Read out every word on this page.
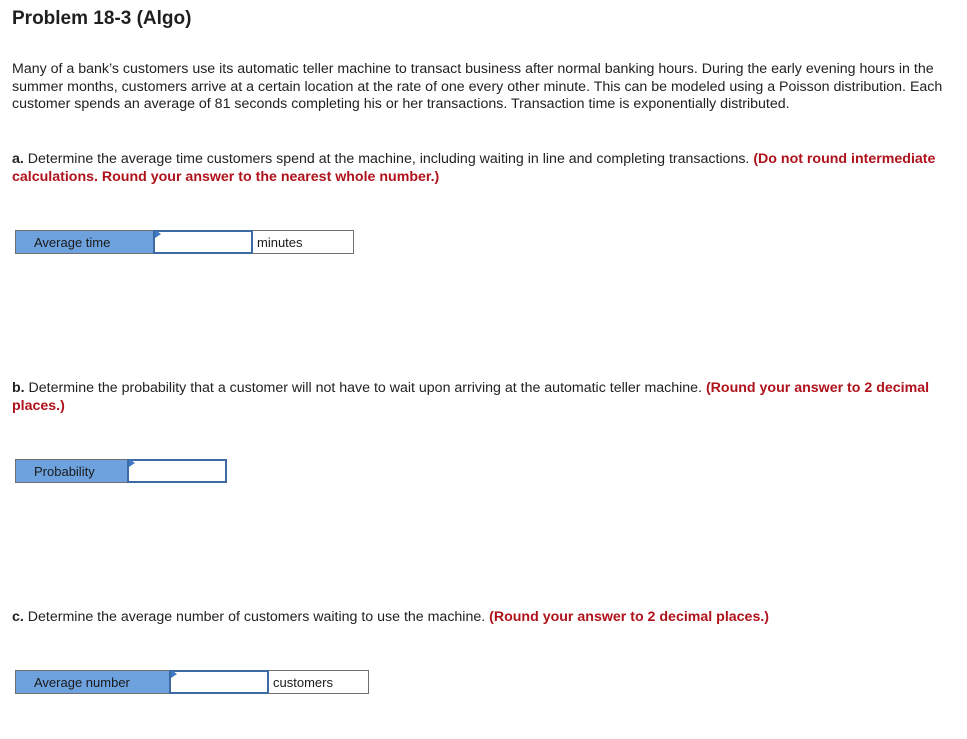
Problem 18-3 (Algo)

Many of a bank’s customers use its automatic teller machine to transact business after normal banking hours. During the early evening hours in the summer months, customers arrive at a certain location at the rate of one every other minute. This can be modeled using a Poisson distribution. Each customer spends an average of 81 seconds completing his or her transactions. Transaction time is exponentially distributed.

a. Determine the average time customers spend at the machine, including waiting in line and completing transactions. (Do not round intermediate calculations. Round your answer to the nearest whole number.)

Average time	minutes

b. Determine the probability that a customer will not have to wait upon arriving at the automatic teller machine. (Round your answer to 2 decimal places.)

Probability

c. Determine the average number of customers waiting to use the machine. (Round your answer to 2 decimal places.)

Average number	customers
